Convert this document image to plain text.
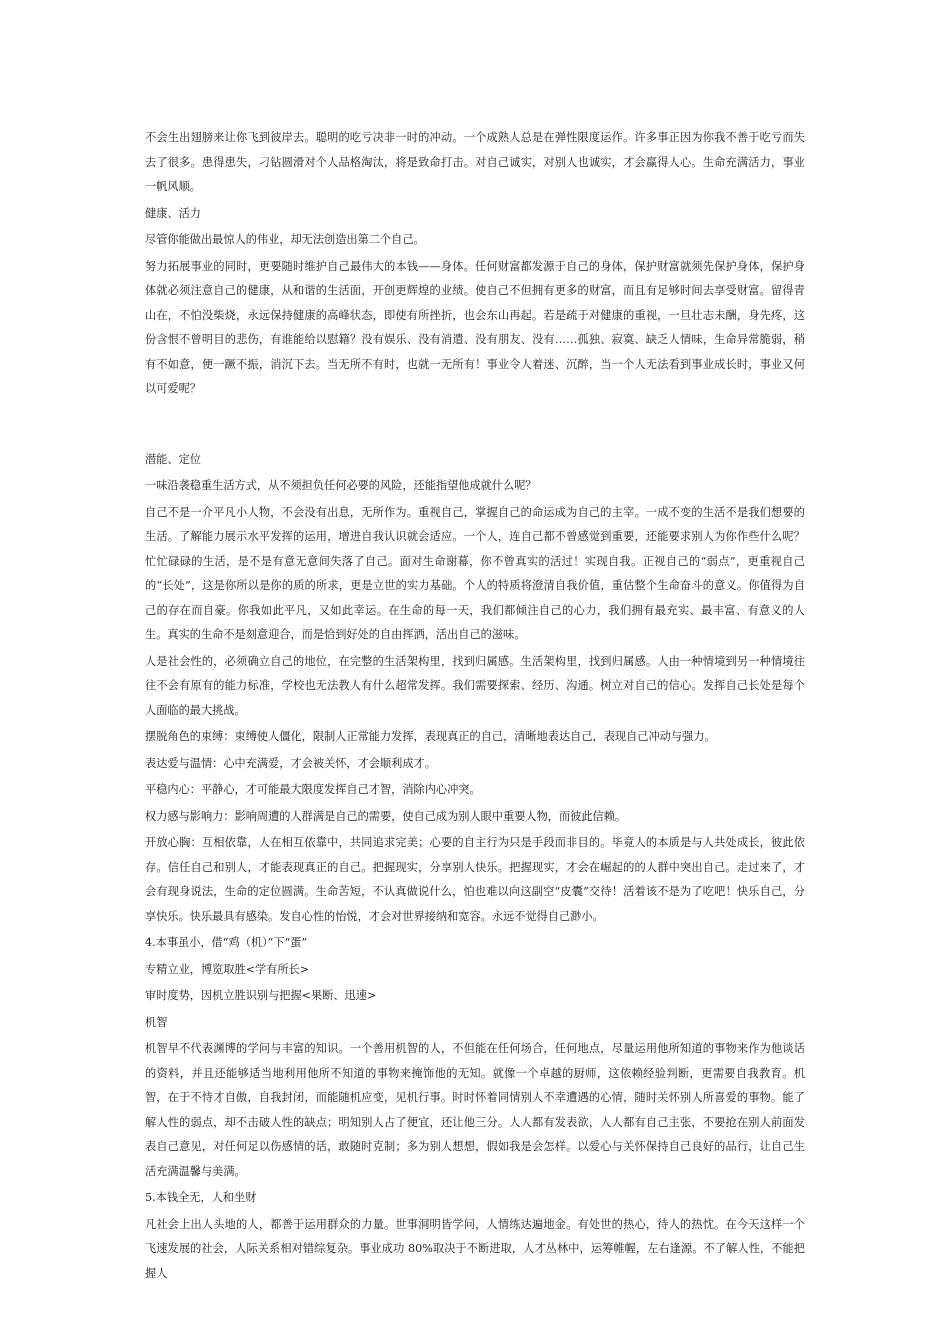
不会生出翅膀来让你飞到彼岸去。聪明的吃亏决非一时的冲动。一个成熟人总是在弹性限度运作。许多事正因为你我不善于吃亏而失去了很多。患得患失，刁钻圆滑对个人品格淘汰，将是致命打击。对自己诚实，对别人也诚实，才会赢得人心。生命充满活力，事业一帆风顺。
健康、活力
尽管你能做出最惊人的伟业，却无法创造出第二个自己。
努力拓展事业的同时，更要随时维护自己最伟大的本钱——身体。任何财富都发源于自己的身体，保护财富就须先保护身体，保护身体就必须注意自己的健康，从和谐的生活面，开创更辉煌的业绩。使自己不但拥有更多的财富，而且有足够时间去享受财富。留得青山在，不怕没柴烧，永远保持健康的高峰状态，即使有所挫折，也会东山再起。若是疏于对健康的重视，一旦壮志未酬，身先疼，这份含恨不曾明目的悲伤，有谁能给以慰籍？没有娱乐、没有消遣、没有朋友、没有……孤独、寂寞、缺乏人情味，生命异常脆弱，稍有不如意，便一蹶不振，消沉下去。当无所不有时，也就一无所有！事业令人着迷、沉醉，当一个人无法看到事业成长时，事业又何以可爱呢？
潜能、定位
一味沿袭稳重生活方式，从不须担负任何必要的风险，还能指望他成就什么呢？
自己不是一介平凡小人物，不会没有出息，无所作为。重视自己，掌握自己的命运成为自己的主宰。一成不变的生活不是我们想要的生活。了解能力展示水平发挥的运用，增进自我认识就会适应。一个人，连自己都不曾感觉到重要，还能要求别人为你作些什么呢？忙忙碌碌的生活，是不是有意无意间失落了自己。面对生命谢幕，你不曾真实的活过！实现自我。正视自己的“弱点”，更重视自己的“长处”，这是你所以是你的质的所求，更是立世的实力基础。个人的特质将澄清自我价值，重估整个生命奋斗的意义。你值得为自己的存在而自豪。你我如此平凡，又如此幸运。在生命的每一天，我们都倾注自己的心力，我们拥有最充实、最丰富、有意义的人生。真实的生命不是刻意迎合，而是恰到好处的自由挥洒，活出自己的滋味。
人是社会性的，必须确立自己的地位，在完整的生活架构里，找到归属感。生活架构里，找到归属感。人由一种情境到另一种情境往往不会有原有的能力标准，学校也无法教人有什么超常发挥。我们需要探索、经历、沟通。树立对自己的信心。发挥自己长处是每个人面临的最大挑战。
摆脱角色的束缚：束缚使人僵化，限制人正常能力发挥，表现真正的自己，清晰地表达自己，表现自己冲动与强力。
表达爱与温情：心中充满爱，才会被关怀，才会顺利成才。
平稳内心：平静心，才可能最大限度发挥自己才智，消除内心冲突。
权力感与影响力：影响周遭的人群满是自己的需要，使自己成为别人眼中重要人物，而彼此信赖。
开放心胸：互相依靠，人在相互依靠中，共同追求完美；心要的自主行为只是手段而非目的。毕竟人的本质是与人共处成长，彼此依存。信任自己和别人，才能表现真正的自己。把握现实，分享别人快乐。把握现实，才会在崛起的的人群中突出自己。走过来了，才会有现身说法，生命的定位圆满。生命苦短，不认真做说什么，怕也难以向这副空“皮囊”交待！活着该不是为了吃吧！快乐自己，分享快乐。快乐最具有感染。发自心性的怡悦，才会对世界接纳和宽容。永远不觉得自己渺小。
4.本事虽小，借“鸡（机）”下“蛋”
专精立业，博览取胜<学有所长>
审时度势，因机立胜识别与把握<果断、迅速>
机智
机智早不代表渊博的学问与丰富的知识。一个善用机智的人，不但能在任何场合，任何地点，尽量运用他所知道的事物来作为他谈话的资料，并且还能够适当地利用他所不知道的事物来掩饰他的无知。就像一个卓越的厨师，这依赖经验判断，更需要自我教育。机智，在于不恃才自傲，自我封闭，而能随机应变，见机行事。时时怀着同情别人不幸遭遇的心情，随时关怀别人所喜爱的事物。能了解人性的弱点，却不击破人性的缺点；明知别人占了便宜，还让他三分。人人都有发表欲，人人都有自己主张，不要抢在别人前面发表自己意见，对任何足以伤感情的话，敢随时克制；多为别人想想，假如我是会怎样。以爱心与关怀保持自己良好的品行，让自己生活充满温馨与美满。
5.本钱全无，人和坐财
凡社会上出人头地的人，都善于运用群众的力量。世事洞明皆学问，人情练达遍地金。有处世的热心，待人的热忱。在今天这样一个飞速发展的社会，人际关系相对错综复杂。事业成功 80%取决于不断进取，人才丛林中，运筹帷幄，左右逢源。不了解人性，不能把握人
